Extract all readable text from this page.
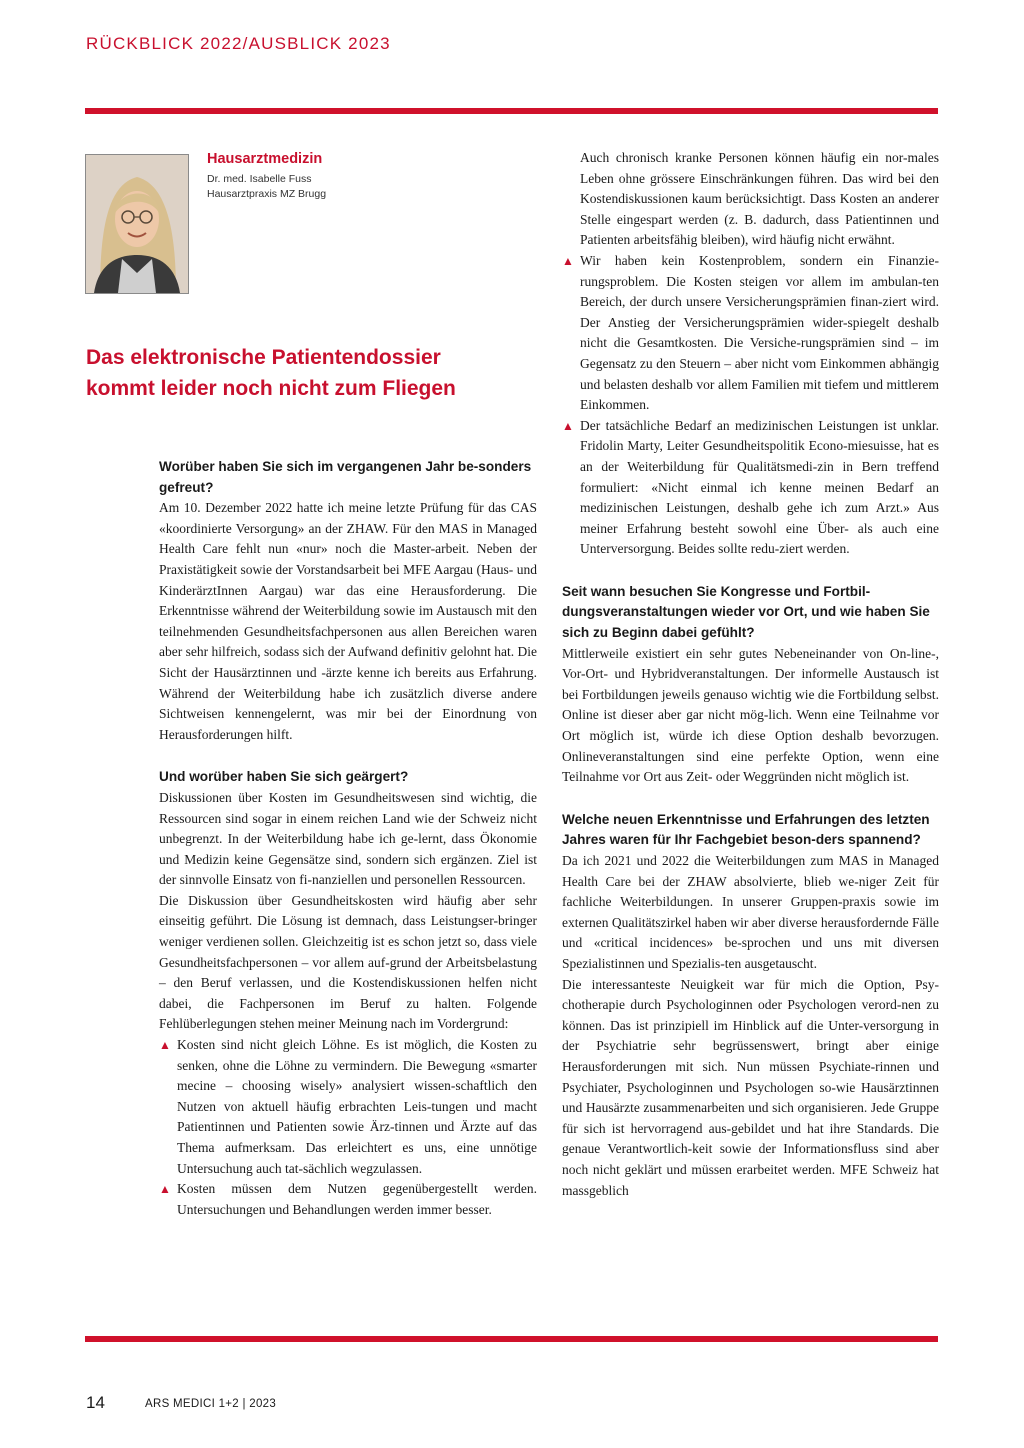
RÜCKBLICK 2022/AUSBLICK 2023
Hausarztmedizin
Dr. med. Isabelle Fuss
Hausarztpraxis MZ Brugg
Das elektronische Patientendossier
kommt leider noch nicht zum Fliegen

Worüber haben Sie sich im vergangenen Jahr be-sonders gefreut?

Am 10. Dezember 2022 hatte ich meine letzte Prüfung für das CAS «koordinierte Versorgung» an der ZHAW. Für den MAS in Managed Health Care fehlt nun «nur» noch die Master-arbeit. Neben der Praxistätigkeit sowie der Vorstandsarbeit bei MFE Aargau (Haus- und KinderärztInnen Aargau) war das eine Herausforderung. Die Erkenntnisse während der Weiterbildung sowie im Austausch mit den teilnehmenden Gesundheitsfachpersonen aus allen Bereichen waren aber sehr hilfreich, sodass sich der Aufwand definitiv gelohnt hat. Die Sicht der Hausärztinnen und -ärzte kenne ich bereits aus Erfahrung. Während der Weiterbildung habe ich zusätzlich diverse andere Sichtweisen kennengelernt, was mir bei der Einordnung von Herausforderungen hilft.

Und worüber haben Sie sich geärgert?

Diskussionen über Kosten im Gesundheitswesen sind wichtig, die Ressourcen sind sogar in einem reichen Land wie der Schweiz nicht unbegrenzt. In der Weiterbildung habe ich ge-lernt, dass Ökonomie und Medizin keine Gegensätze sind, sondern sich ergänzen. Ziel ist der sinnvolle Einsatz von fi-nanziellen und personellen Ressourcen.

Die Diskussion über Gesundheitskosten wird häufig aber sehr einseitig geführt. Die Lösung ist demnach, dass Leistungser-bringer weniger verdienen sollen. Gleichzeitig ist es schon jetzt so, dass viele Gesundheitsfachpersonen – vor allem auf-grund der Arbeitsbelastung – den Beruf verlassen, und die Kostendiskussionen helfen nicht dabei, die Fachpersonen im Beruf zu halten. Folgende Fehlüberlegungen stehen meiner Meinung nach im Vordergrund:

▲ Kosten sind nicht gleich Löhne. Es ist möglich, die Kosten zu senken, ohne die Löhne zu vermindern. Die Bewegung «smarter mecine – choosing wisely» analysiert wissen-schaftlich den Nutzen von aktuell häufig erbrachten Leis-tungen und macht Patientinnen und Patienten sowie Ärz-tinnen und Ärzte auf das Thema aufmerksam. Das erleichtert es uns, eine unnötige Untersuchung auch tat-sächlich wegzulassen.
▲ Kosten müssen dem Nutzen gegenübergestellt werden. Untersuchungen und Behandlungen werden immer besser.

Auch chronisch kranke Personen können häufig ein nor-males Leben ohne grössere Einschränkungen führen. Das wird bei den Kostendiskussionen kaum berücksichtigt. Dass Kosten an anderer Stelle eingespart werden (z. B. dadurch, dass Patientinnen und Patienten arbeitsfähig bleiben), wird häufig nicht erwähnt.

▲ Wir haben kein Kostenproblem, sondern ein Finanzie-rungsproblem. Die Kosten steigen vor allem im ambulan-ten Bereich, der durch unsere Versicherungsprämien finan-ziert wird. Der Anstieg der Versicherungsprämien wider-spiegelt deshalb nicht die Gesamtkosten. Die Versiche-rungsprämien sind – im Gegensatz zu den Steuern – aber nicht vom Einkommen abhängig und belasten deshalb vor allem Familien mit tiefem und mittlerem Einkommen.
▲ Der tatsächliche Bedarf an medizinischen Leistungen ist unklar. Fridolin Marty, Leiter Gesundheitspolitik Econo-miesuisse, hat es an der Weiterbildung für Qualitätsmedi-zin in Bern treffend formuliert: «Nicht einmal ich kenne meinen Bedarf an medizinischen Leistungen, deshalb gehe ich zum Arzt.» Aus meiner Erfahrung besteht sowohl eine Über- als auch eine Unterversorgung. Beides sollte redu-ziert werden.

Seit wann besuchen Sie Kongresse und Fortbil-dungsveranstaltungen wieder vor Ort, und wie haben Sie sich zu Beginn dabei gefühlt?

Mittlerweile existiert ein sehr gutes Nebeneinander von On-line-, Vor-Ort- und Hybridveranstaltungen. Der informelle Austausch ist bei Fortbildungen jeweils genauso wichtig wie die Fortbildung selbst. Online ist dieser aber gar nicht mög-lich. Wenn eine Teilnahme vor Ort möglich ist, würde ich diese Option deshalb bevorzugen. Onlineveranstaltungen sind eine perfekte Option, wenn eine Teilnahme vor Ort aus Zeit- oder Weggründen nicht möglich ist.

Welche neuen Erkenntnisse und Erfahrungen des letzten Jahres waren für Ihr Fachgebiet beson-ders spannend?

Da ich 2021 und 2022 die Weiterbildungen zum MAS in Managed Health Care bei der ZHAW absolvierte, blieb we-niger Zeit für fachliche Weiterbildungen. In unserer Gruppen-praxis sowie im externen Qualitätszirkel haben wir aber diverse herausfordernde Fälle und «critical incidences» be-sprochen und uns mit diversen Spezialistinnen und Spezialis-ten ausgetauscht.

Die interessanteste Neuigkeit war für mich die Option, Psy-chotherapie durch Psychologinnen oder Psychologen verord-nen zu können. Das ist prinzipiell im Hinblick auf die Unter-versorgung in der Psychiatrie sehr begrüssenswert, bringt aber einige Herausforderungen mit sich. Nun müssen Psychiate-rinnen und Psychiater, Psychologinnen und Psychologen so-wie Hausärztinnen und Hausärzte zusammenarbeiten und sich organisieren. Jede Gruppe für sich ist hervorragend aus-gebildet und hat ihre Standards. Die genaue Verantwortlich-keit sowie der Informationsfluss sind aber noch nicht geklärt und müssen erarbeitet werden. MFE Schweiz hat massgeblich

14	ARS MEDICI 1+2 | 2023
